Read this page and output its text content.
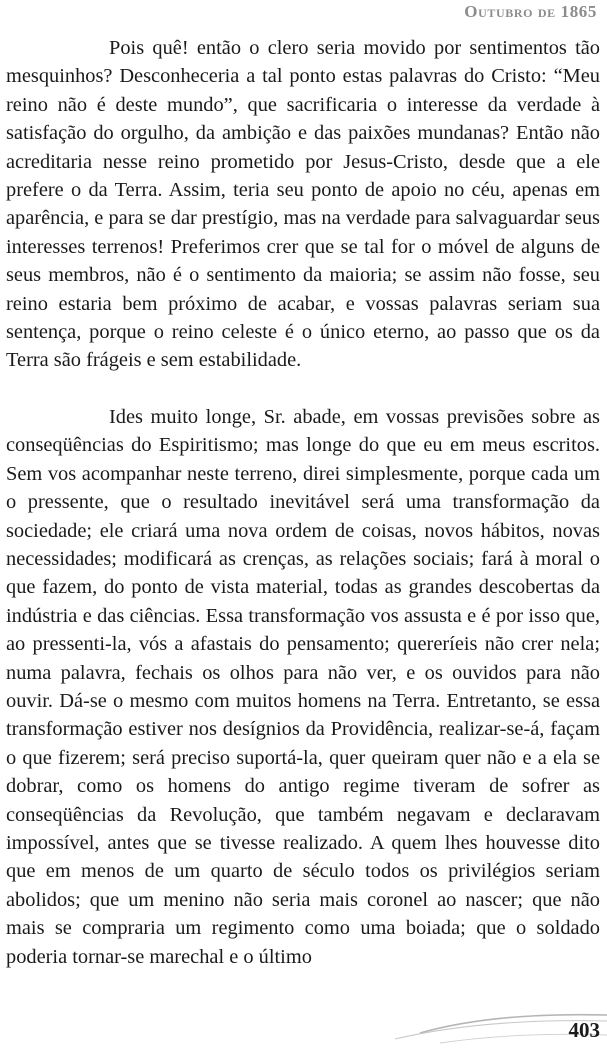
Outubro de 1865

Pois quê! então o clero seria movido por sentimentos tão mesquinhos? Desconheceria a tal ponto estas palavras do Cristo: “Meu reino não é deste mundo”, que sacrificaria o interesse da verdade à satisfação do orgulho, da ambição e das paixões mundanas? Então não acreditaria nesse reino prometido por Jesus-Cristo, desde que a ele prefere o da Terra. Assim, teria seu ponto de apoio no céu, apenas em aparência, e para se dar prestígio, mas na verdade para salvaguardar seus interesses terrenos! Preferimos crer que se tal for o móvel de alguns de seus membros, não é o sentimento da maioria; se assim não fosse, seu reino estaria bem próximo de acabar, e vossas palavras seriam sua sentença, porque o reino celeste é o único eterno, ao passo que os da Terra são frágeis e sem estabilidade.

Ides muito longe, Sr. abade, em vossas previsões sobre as conseqüências do Espiritismo; mas longe do que eu em meus escritos. Sem vos acompanhar neste terreno, direi simplesmente, porque cada um o pressente, que o resultado inevitável será uma transformação da sociedade; ele criará uma nova ordem de coisas, novos hábitos, novas necessidades; modificará as crenças, as relações sociais; fará à moral o que fazem, do ponto de vista material, todas as grandes descobertas da indústria e das ciências. Essa transformação vos assusta e é por isso que, ao pressenti-la, vós a afastais do pensamento; quereríeis não crer nela; numa palavra, fechais os olhos para não ver, e os ouvidos para não ouvir. Dá-se o mesmo com muitos homens na Terra. Entretanto, se essa transformação estiver nos desígnios da Providência, realizar-se-á, façam o que fizerem; será preciso suportá-la, quer queiram quer não e a ela se dobrar, como os homens do antigo regime tiveram de sofrer as conseqüências da Revolução, que também negavam e declaravam impossível, antes que se tivesse realizado. A quem lhes houvesse dito que em menos de um quarto de século todos os privilégios seriam abolidos; que um menino não seria mais coronel ao nascer; que não mais se compraria um regimento como uma boiada; que o soldado poderia tornar-se marechal e o último

403
